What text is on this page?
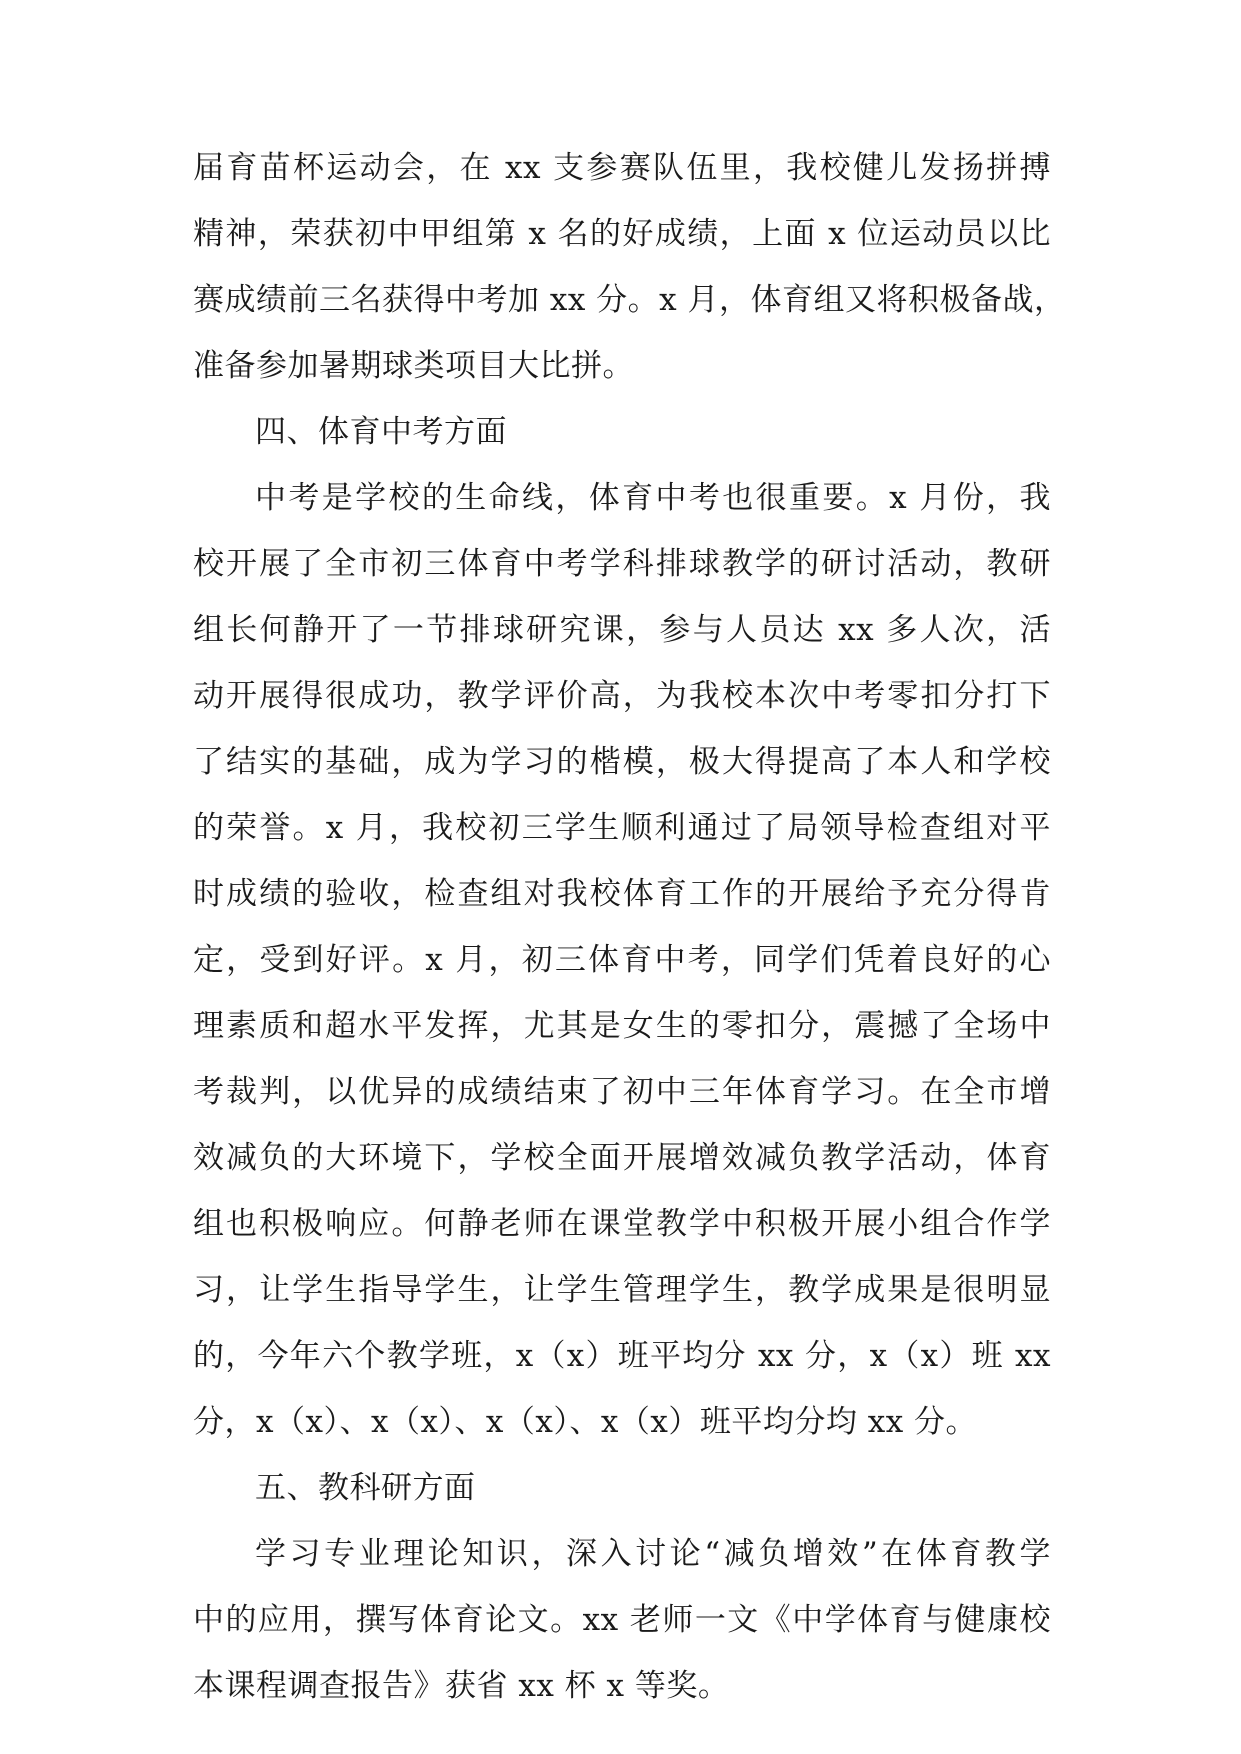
届育苗杯运动会，在 xx 支参赛队伍里，我校健儿发扬拼搏
精神，荣获初中甲组第 x 名的好成绩，上面 x 位运动员以比
赛成绩前三名获得中考加 xx 分。x 月，体育组又将积极备战，
准备参加暑期球类项目大比拼。
四、体育中考方面
中考是学校的生命线，体育中考也很重要。x 月份，我
校开展了全市初三体育中考学科排球教学的研讨活动，教研
组长何静开了一节排球研究课，参与人员达 xx 多人次，活
动开展得很成功，教学评价高，为我校本次中考零扣分打下
了结实的基础，成为学习的楷模，极大得提高了本人和学校
的荣誉。x 月，我校初三学生顺利通过了局领导检查组对平
时成绩的验收，检查组对我校体育工作的开展给予充分得肯
定，受到好评。x 月，初三体育中考，同学们凭着良好的心
理素质和超水平发挥，尤其是女生的零扣分，震撼了全场中
考裁判，以优异的成绩结束了初中三年体育学习。在全市增
效减负的大环境下，学校全面开展增效减负教学活动，体育
组也积极响应。何静老师在课堂教学中积极开展小组合作学
习，让学生指导学生，让学生管理学生，教学成果是很明显
的，今年六个教学班，x（x）班平均分 xx 分，x（x）班 xx
分，x（x）、x（x）、x（x）、x（x）班平均分均 xx 分。
五、教科研方面
学习专业理论知识，深入讨论“减负增效”在体育教学
中的应用，撰写体育论文。xx 老师一文《中学体育与健康校
本课程调查报告》获省 xx 杯 x 等奖。
